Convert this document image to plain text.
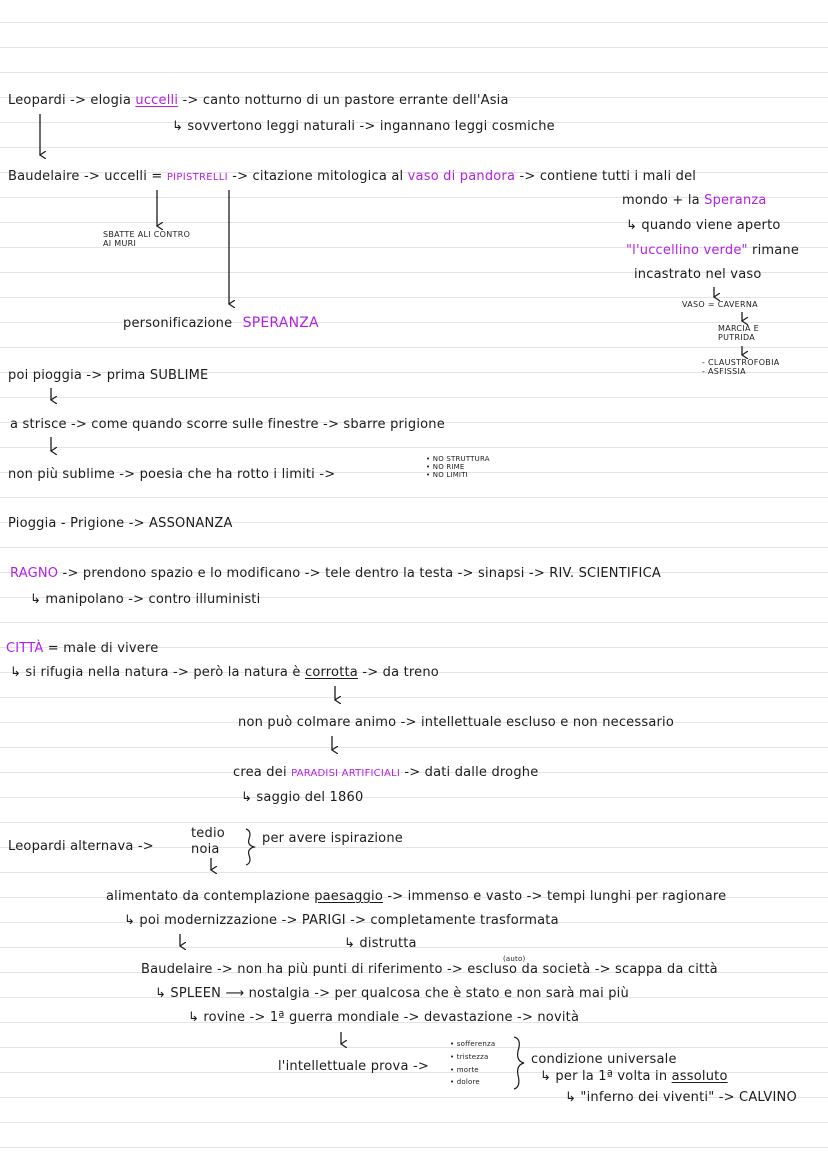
Leopardi -> elogia uccelli -> canto notturno di un pastore errante dell'Asia
↳ sovvertono leggi naturali -> ingannano leggi cosmiche
Baudelaire -> uccelli = PIPISTRELLI -> citazione mitologica al vaso di pandora -> contiene tutti i mali del
mondo + la Speranza
↳ quando viene aperto
"l'uccellino verde" rimane
incastrato nel vaso
SBATTE ALI CONTRO
AI MURI
VASO = CAVERNA
MARCIA E
PUTRIDA
- CLAUSTROFOBIA
- ASFISSIA
personificazione SPERANZA
poi pioggia -> prima SUBLIME
a strisce -> come quando scorre sulle finestre -> sbarre prigione
non più sublime -> poesia che ha rotto i limiti ->
• NO STRUTTURA
• NO RIME
• NO LIMITI
Pioggia - Prigione -> ASSONANZA
RAGNO -> prendono spazio e lo modificano -> tele dentro la testa -> sinapsi -> RIV. SCIENTIFICA
↳ manipolano -> contro illuministi
CITTÀ = male di vivere
↳ si rifugia nella natura -> però la natura è corrotta -> da treno
non può colmare animo -> intellettuale escluso e non necessario
crea dei PARADISI ARTIFICIALI -> dati dalle droghe
↳ saggio del 1860
Leopardi alternava ->
tedio
noia
per avere ispirazione
alimentato da contemplazione paesaggio -> immenso e vasto -> tempi lunghi per ragionare
↳ poi modernizzazione -> PARIGI -> completamente trasformata
↳ distrutta
(auto)
Baudelaire -> non ha più punti di riferimento -> escluso da società -> scappa da città
↳ SPLEEN ⟶ nostalgia -> per qualcosa che è stato e non sarà mai più
↳ rovine -> 1ª guerra mondiale -> devastazione -> novità
l'intellettuale prova ->
• sofferenza
• tristezza
• morte
• dolore
condizione universale
↳ per la 1ª volta in assoluto
↳ "inferno dei viventi" -> CALVINO
